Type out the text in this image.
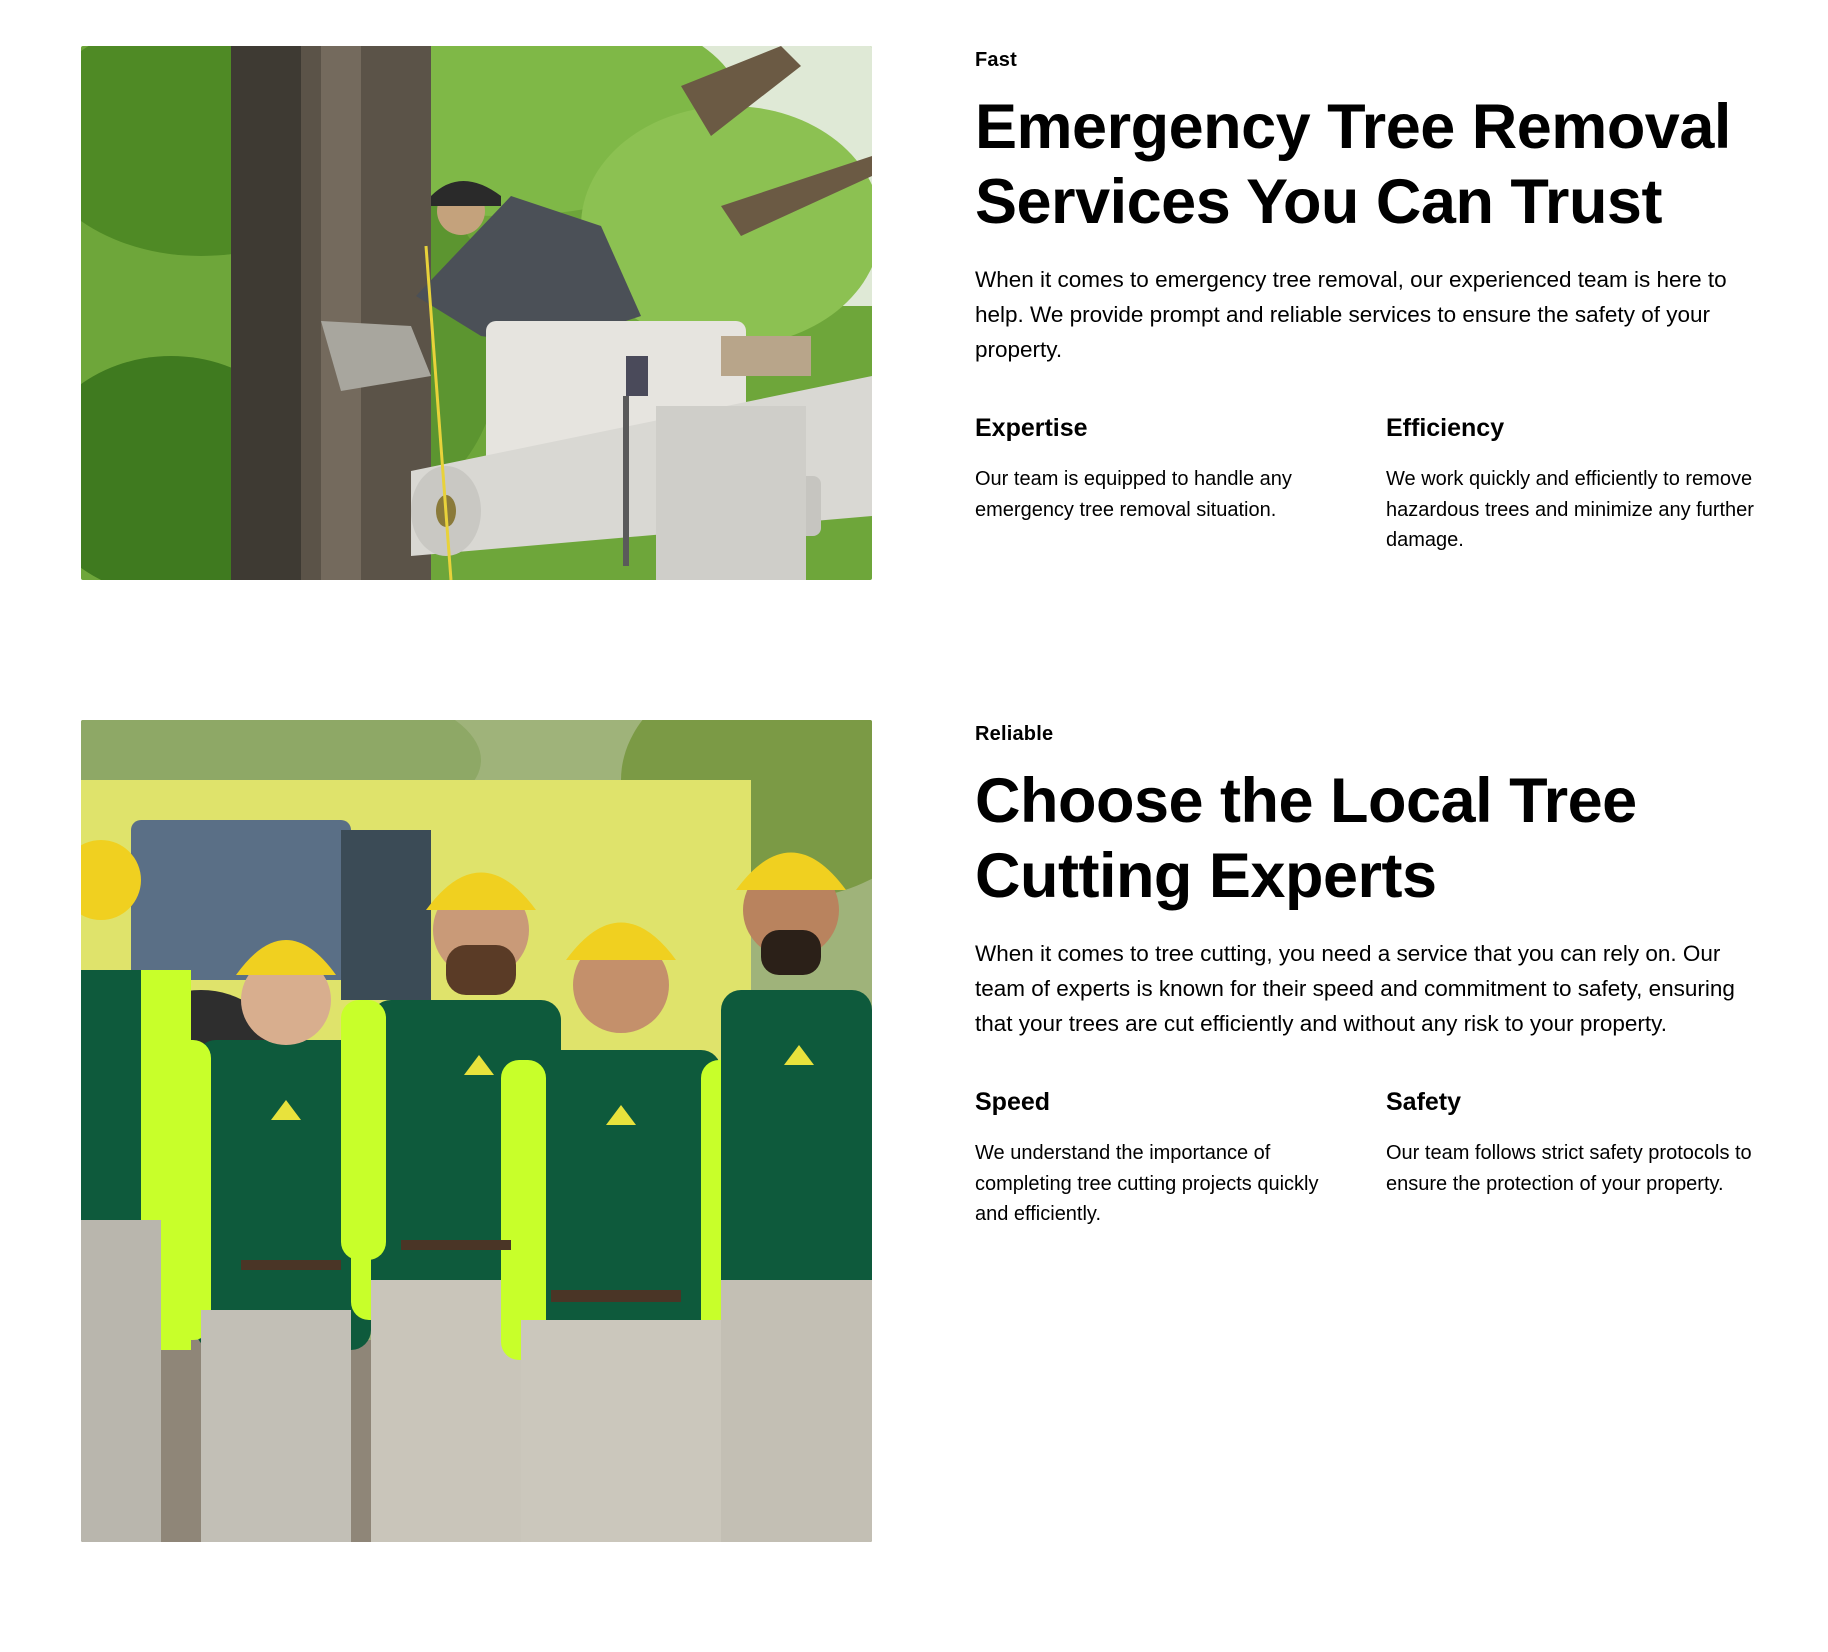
Fast
Emergency Tree Removal
Services You Can Trust

When it comes to emergency tree removal, our experienced team is here to help. We provide prompt and reliable services to ensure the safety of your property.

Expertise

Our team is equipped to handle any emergency tree removal situation.

Efficiency

We work quickly and efficiently to remove hazardous trees and minimize any further damage.

Reliable
Choose the Local Tree
Cutting Experts

When it comes to tree cutting, you need a service that you can rely on. Our team of experts is known for their speed and commitment to safety, ensuring that your trees are cut efficiently and without any risk to your property.

Speed

We understand the importance of completing tree cutting projects quickly and efficiently.

Safety

Our team follows strict safety protocols to ensure the protection of your property.
